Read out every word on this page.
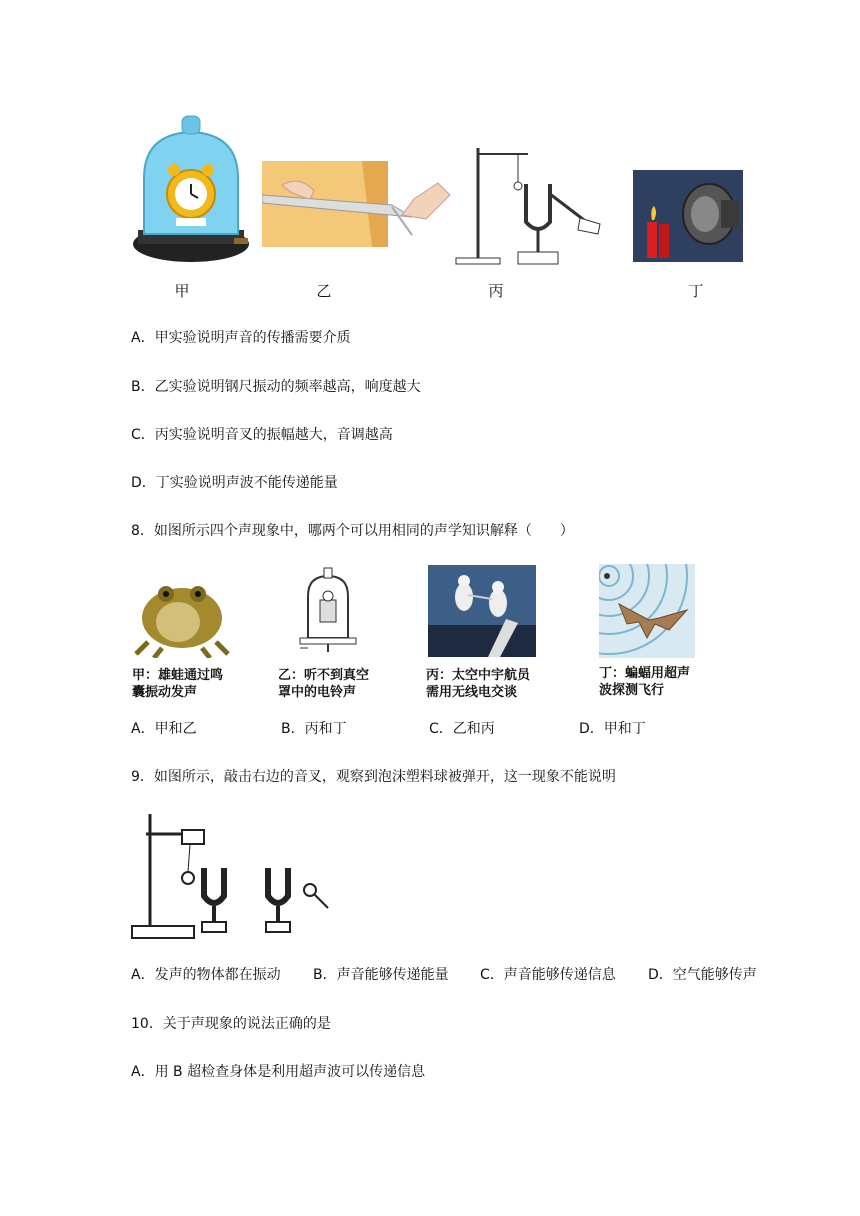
甲	乙	丙	丁
A．甲实验说明声音的传播需要介质
B．乙实验说明钢尺振动的频率越高，响度越大
C．丙实验说明音叉的振幅越大，音调越高
D．丁实验说明声波不能传递能量
8．如图所示四个声现象中，哪两个可以用相同的声学知识解释（　　）
甲：雄蛙通过鸣
囊振动发声
乙：听不到真空
罩中的电铃声
丙：太空中宇航员
需用无线电交谈
丁：蝙蝠用超声
波探测飞行
A．甲和乙	B．丙和丁	C．乙和丙	D．甲和丁
9．如图所示，敲击右边的音叉，观察到泡沫塑料球被弹开，这一现象不能说明
A．发声的物体都在振动 B．声音能够传递能量 C．声音能够传递信息 D．空气能够传声
10．关于声现象的说法正确的是
A．用 B 超检查身体是利用超声波可以传递信息
